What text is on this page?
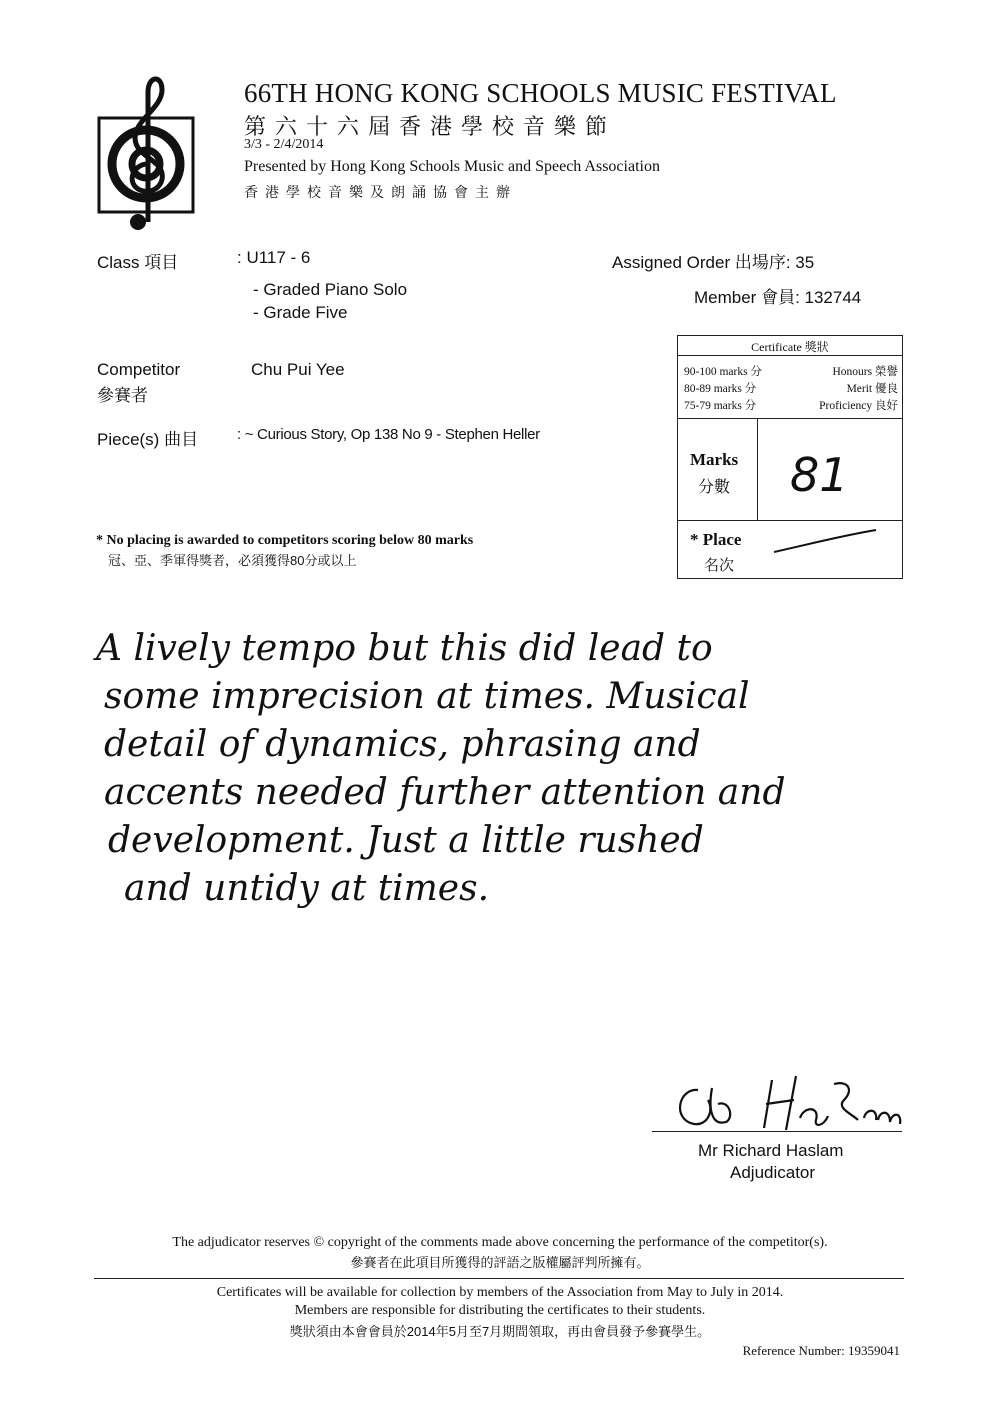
66TH HONG KONG SCHOOLS MUSIC FESTIVAL
第六十六屆香港學校音樂節
3/3 - 2/4/2014
Presented by Hong Kong Schools Music and Speech Association
香港學校音樂及朗誦協會主辦
Class 項目	: U117 - 6
- Graded Piano Solo
- Grade Five
Assigned Order 出場序: 35
Member 會員: 132744
Competitor
參賽者
Chu Pui Yee
Piece(s) 曲目	: ~ Curious Story, Op 138 No 9 - Stephen Heller
* No placing is awarded to competitors scoring below 80 marks
冠、亞、季軍得獎者，必須獲得80分或以上
Certificate 獎狀
90-100 marks 分	Honours 榮譽
80-89 marks 分	Merit 優良
75-79 marks 分	Proficiency 良好
Marks
分數 81
* Place
名次
A lively tempo but this did lead to
some imprecision at times. Musical
detail of dynamics, phrasing and
accents needed further attention and
development. Just a little rushed
and untidy at times.
Mr Richard Haslam
Adjudicator
The adjudicator reserves © copyright of the comments made above concerning the performance of the competitor(s).
參賽者在此項目所獲得的評語之版權屬評判所擁有。
Certificates will be available for collection by members of the Association from May to July in 2014.
Members are responsible for distributing the certificates to their students.
獎狀須由本會會員於2014年5月至7月期間領取，再由會員發予參賽學生。
Reference Number: 19359041
